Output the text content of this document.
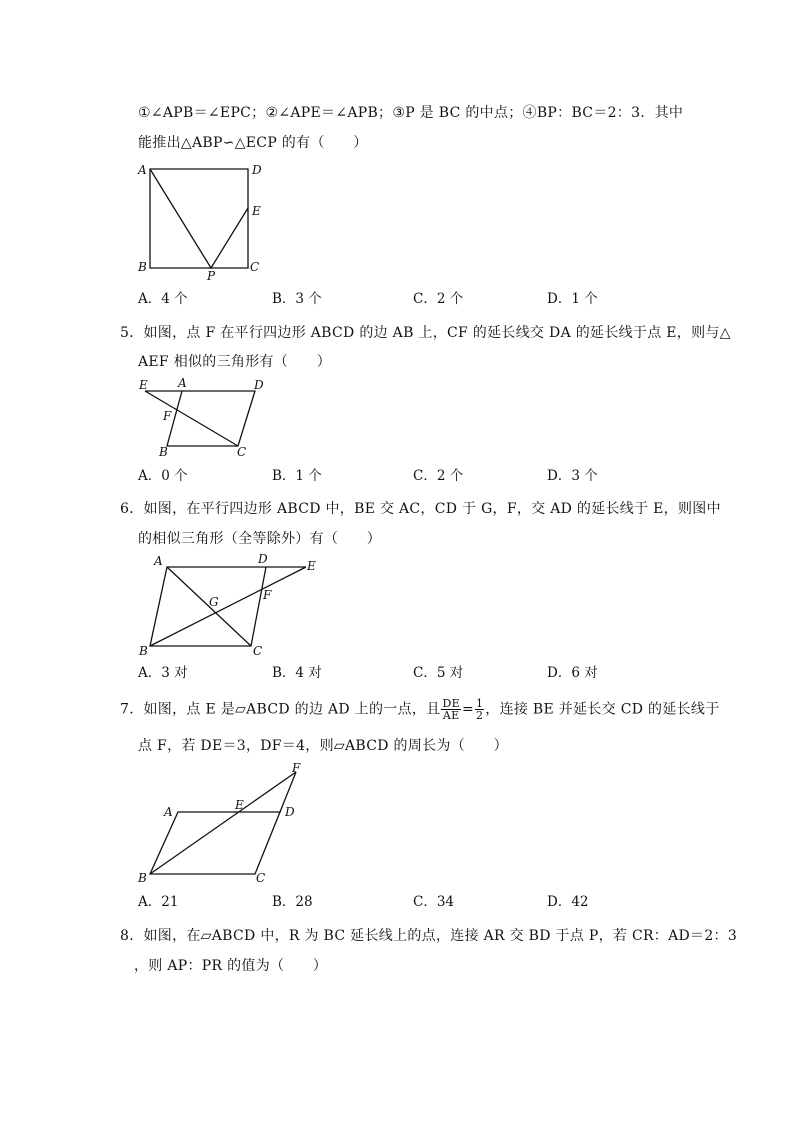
①∠APB＝∠EPC；②∠APE＝∠APB；③P 是 BC 的中点；④BP：BC＝2：3．其中
能推出△ABP∽△ECP 的有（　　）
A	D
E
B
P
C
A．4 个	B．3 个	C．2 个	D．1 个
5．如图，点 F 在平行四边形 ABCD 的边 AB 上，CF 的延长线交 DA 的延长线于点 E，则与△
AEF 相似的三角形有（　　）
E	A	D
F
B	C
A．0 个	B．1 个	C．2 个	D．3 个
6．如图，在平行四边形 ABCD 中，BE 交 AC，CD 于 G，F，交 AD 的延长线于 E，则图中
的相似三角形（全等除外）有（　　）
A	D	E
G	F
B	C
A．3 对	B．4 对	C．5 对	D．6 对
7．如图，点 E 是▱ABCD 的边 AD 上的一点，且 $\frac{DE}{AE} = \frac{1}{2}$ ，连接 BE 并延长交 CD 的延长线于
点 F，若 DE＝3，DF＝4，则▱ABCD 的周长为（　　）
F
A	E	D
B	C
A．21	B．28	C．34	D．42
8．如图，在▱ABCD 中，R 为 BC 延长线上的点，连接 AR 交 BD 于点 P，若 CR：AD＝2：3
，则 AP：PR 的值为（　　）
